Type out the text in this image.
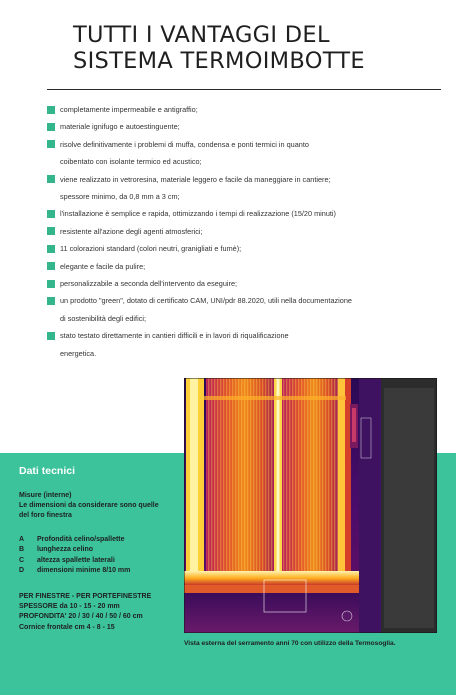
TUTTI I VANTAGGI DEL
SISTEMA TERMOIMBOTTE
completamente impermeabile e antigraffio;
materiale ignifugo e autoestinguente;
risolve definitivamente i problemi di muffa, condensa e ponti termici in quanto
coibentato con isolante termico ed acustico;
viene realizzato in vetroresina, materiale leggero e facile da maneggiare in cantiere;
spessore minimo, da 0,8 mm a 3 cm;
l'installazione è semplice e rapida, ottimizzando i tempi di realizzazione (15/20 minuti)
resistente all'azione degli agenti atmosferici;
11 colorazioni standard (colori neutri, granigliati e fumè);
elegante e facile da pulire;
personalizzabile a seconda dell'intervento da eseguire;
un prodotto "green", dotato di certificato CAM, UNI/pdr 88.2020, utili nella documentazione
di sostenibilità degli edifici;
stato testato direttamente in cantieri difficili e in lavori di riqualificazione
energetica.
Dati tecnici
Misure (interne)
Le dimensioni da considerare sono quelle
del foro finestra
A	Profondità celino/spallette
B	lunghezza celino
C	altezza spallette laterali
D	dimensioni minime 8/10 mm
PER FINESTRE - PER PORTEFINESTRE
SPESSORE da 10 - 15 - 20 mm
PROFONDITA' 20 / 30 / 40 / 50 / 60 cm
Cornice frontale cm 4 - 8 - 15
Vista esterna del serramento anni 70 con utilizzo della Termosoglia.
